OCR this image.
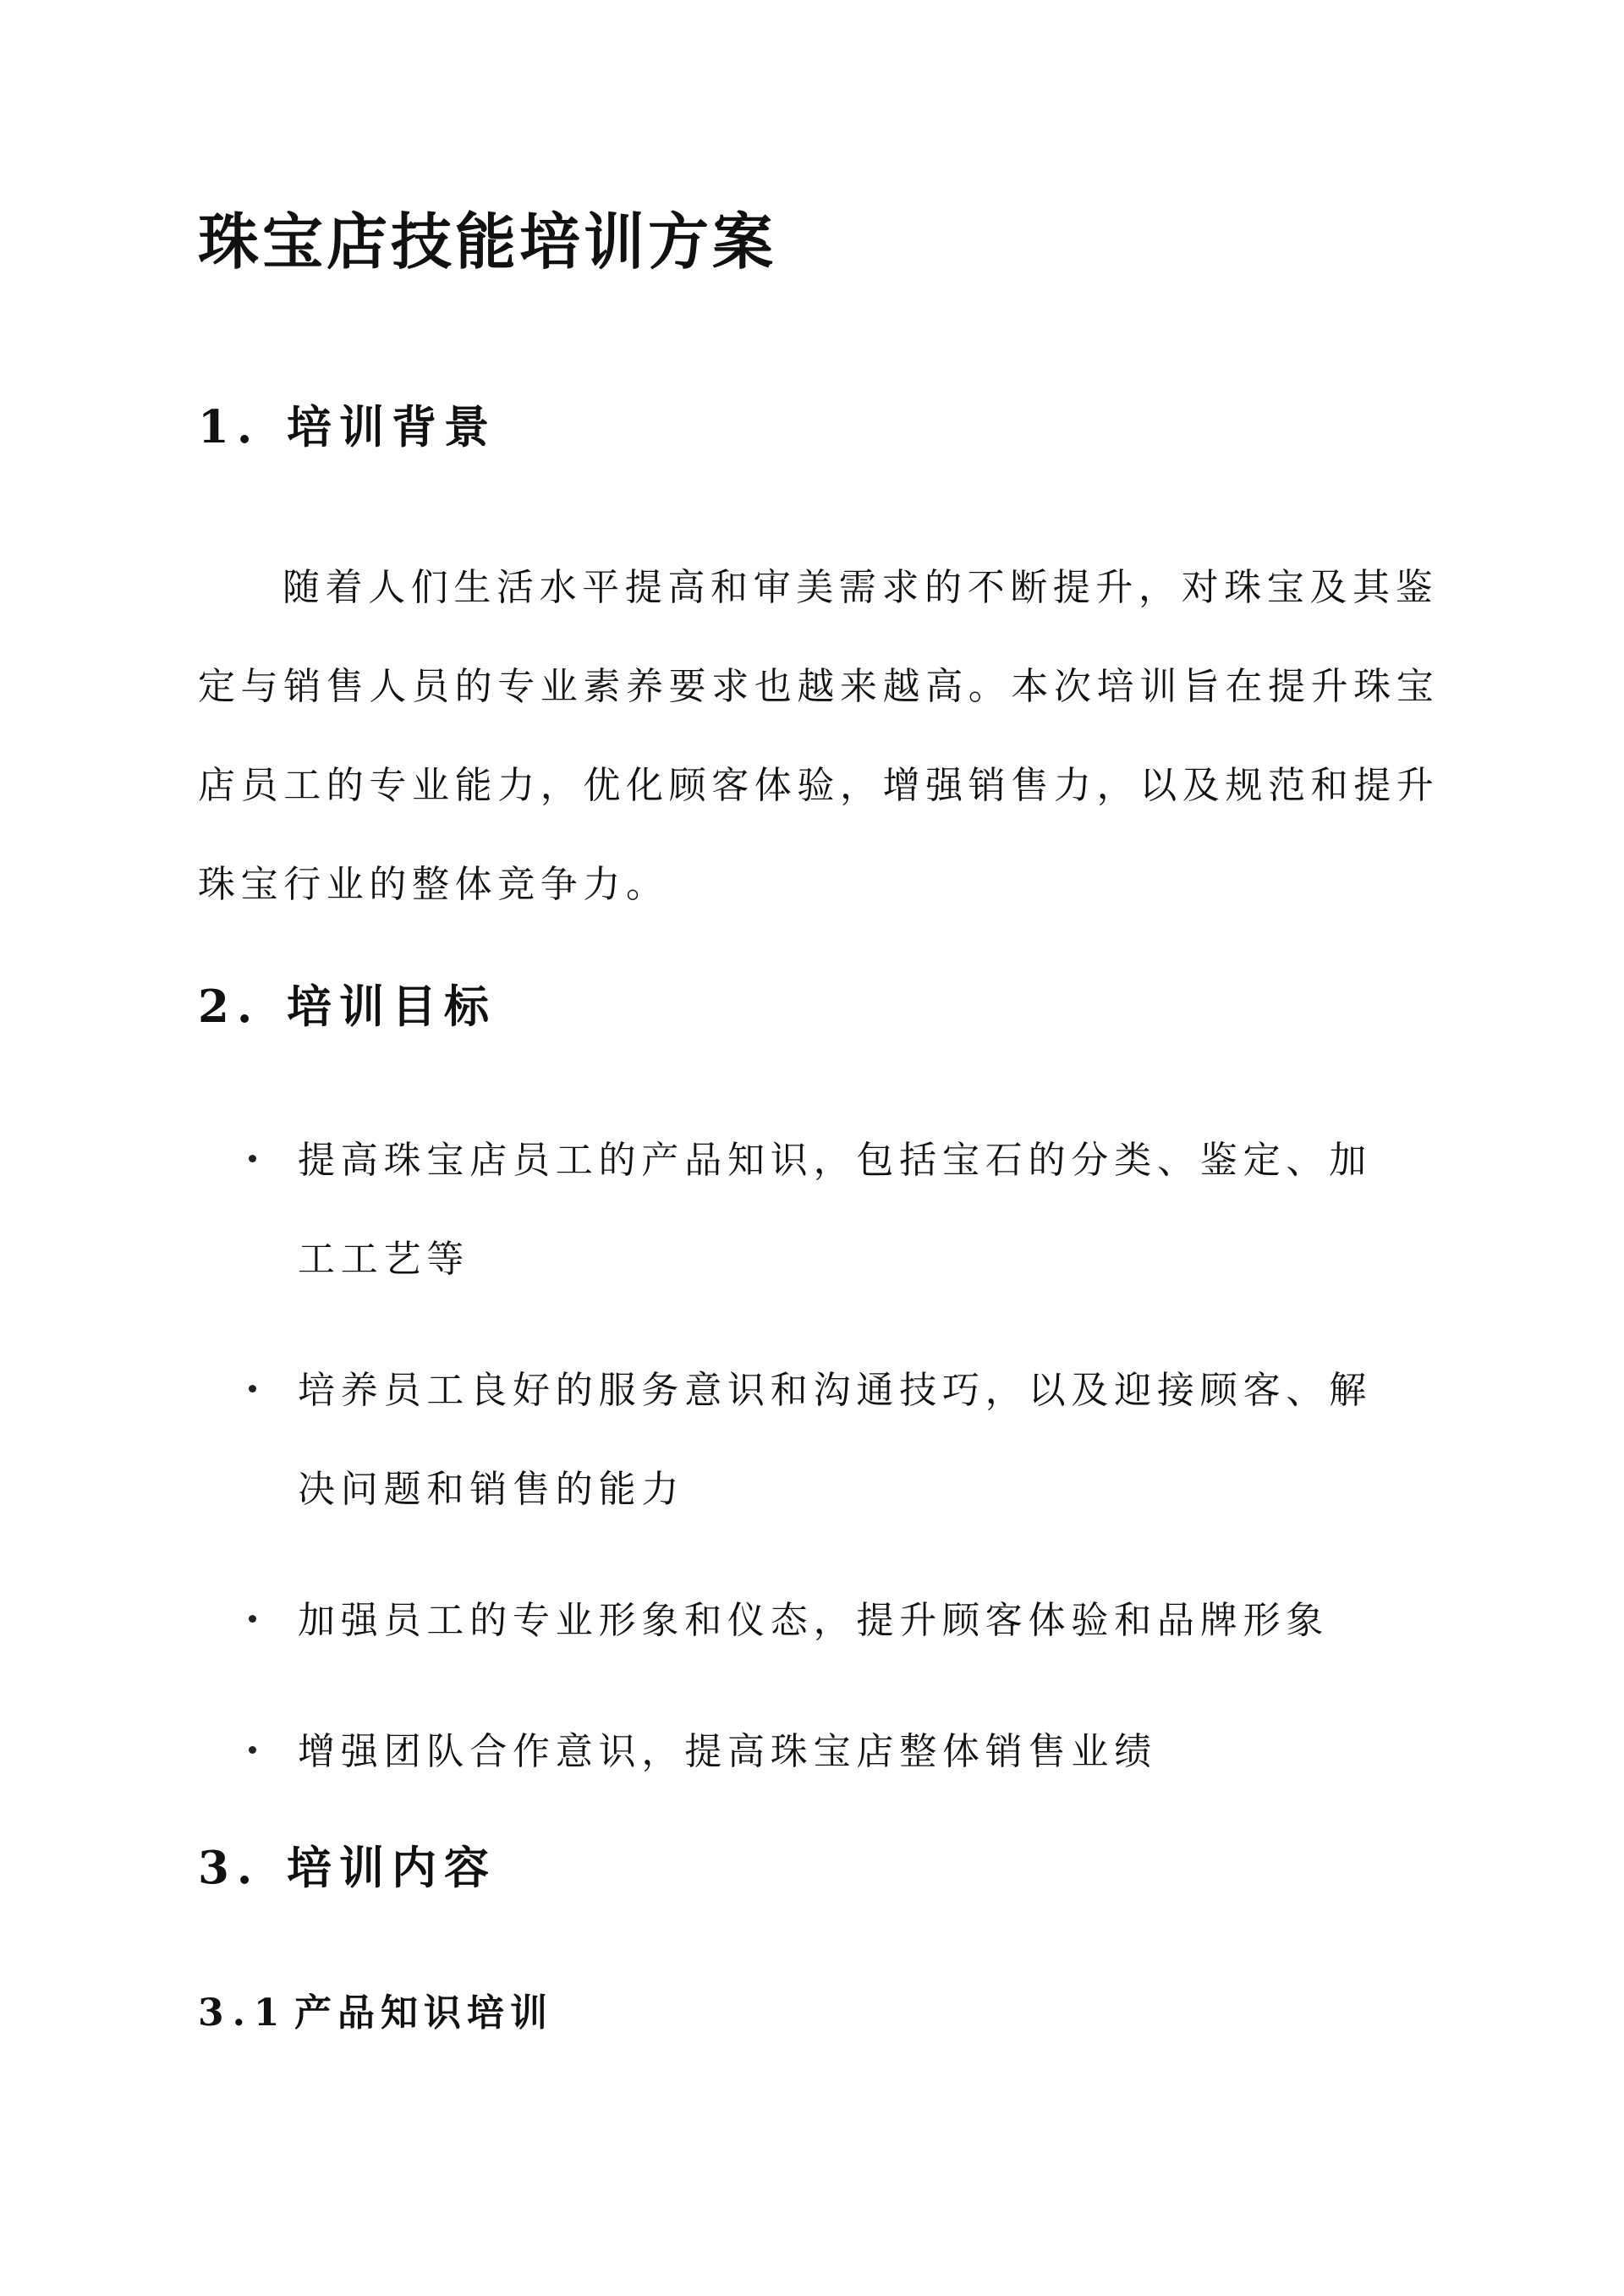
珠宝店技能培训方案
1. 培训背景

随着人们生活水平提高和审美需求的不断提升，对珠宝及其鉴定与销售人员的专业素养要求也越来越高。本次培训旨在提升珠宝店员工的专业能力，优化顾客体验，增强销售力，以及规范和提升珠宝行业的整体竞争力。

2. 培训目标
提高珠宝店员工的产品知识，包括宝石的分类、鉴定、加工工艺等
培养员工良好的服务意识和沟通技巧，以及迎接顾客、解决问题和销售的能力
加强员工的专业形象和仪态，提升顾客体验和品牌形象
增强团队合作意识，提高珠宝店整体销售业绩
3. 培训内容
3.1 产品知识培训
